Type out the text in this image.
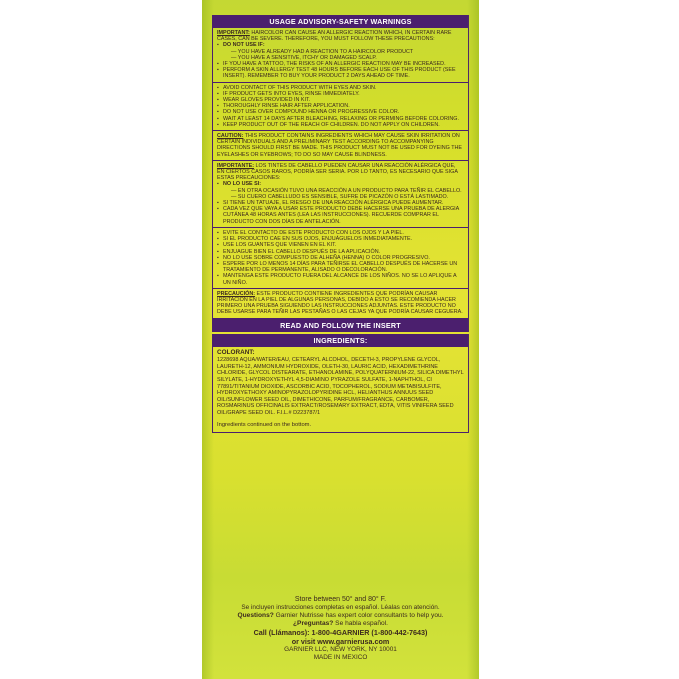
USAGE ADVISORY-SAFETY WARNINGS
IMPORTANT: HAIRCOLOR CAN CAUSE AN ALLERGIC REACTION WHICH, IN CERTAIN RARE CASES, CAN BE SEVERE. THEREFORE, YOU MUST FOLLOW THESE PRECAUTIONS:
▪ DO NOT USE IF:
— YOU HAVE ALREADY HAD A REACTION TO A HAIRCOLOR PRODUCT
— YOU HAVE A SENSITIVE, ITCHY OR DAMAGED SCALP.
▪ IF YOU HAVE A TATTOO, THE RISKS OF AN ALLERGIC REACTION MAY BE INCREASED.
▪ PERFORM A SKIN ALLERGY TEST 48 HOURS BEFORE EACH USE OF THIS PRODUCT (SEE INSERT). REMEMBER TO BUY YOUR PRODUCT 2 DAYS AHEAD OF TIME.
▪ AVOID CONTACT OF THIS PRODUCT WITH EYES AND SKIN.
▪ IF PRODUCT GETS INTO EYES, RINSE IMMEDIATELY.
▪ WEAR GLOVES PROVIDED IN KIT.
▪ THOROUGHLY RINSE HAIR AFTER APPLICATION.
▪ DO NOT USE OVER COMPOUND HENNA OR PROGRESSIVE COLOR.
▪ WAIT AT LEAST 14 DAYS AFTER BLEACHING, RELAXING OR PERMING BEFORE COLORING.
▪ KEEP PRODUCT OUT OF THE REACH OF CHILDREN. DO NOT APPLY ON CHILDREN.
CAUTION: THIS PRODUCT CONTAINS INGREDIENTS WHICH MAY CAUSE SKIN IRRITATION ON CERTAIN INDIVIDUALS AND A PRELIMINARY TEST ACCORDING TO ACCOMPANYING DIRECTIONS SHOULD FIRST BE MADE. THIS PRODUCT MUST NOT BE USED FOR DYEING THE EYELASHES OR EYEBROWS; TO DO SO MAY CAUSE BLINDNESS.
IMPORTANTE: LOS TINTES DE CABELLO PUEDEN CAUSAR UNA REACCIÓN ALÉRGICA QUE, EN CIERTOS CASOS RAROS, PODRÍA SER SERIA. POR LO TANTO, ES NECESARIO QUE SIGA ESTAS PRECAUCIONES:
▪ NO LO USE SI:
— EN OTRA OCASIÓN TUVO UNA REACCIÓN A UN PRODUCTO PARA TEÑIR EL CABELLO.
— SU CUERO CABELLUDO ES SENSIBLE, SUFRE DE PICAZÓN O ESTÁ LASTIMADO.
▪ SI TIENE UN TATUAJE, EL RIESGO DE UNA REACCIÓN ALÉRGICA PUEDE AUMENTAR.
▪ CADA VEZ QUE VAYA A USAR ESTE PRODUCTO DEBE HACERSE UNA PRUEBA DE ALERGIA CUTÁNEA 48 HORAS ANTES (LEA LAS INSTRUCCIONES). RECUERDE COMPRAR EL PRODUCTO CON DOS DÍAS DE ANTELACIÓN.
▪ EVITE EL CONTACTO DE ESTE PRODUCTO CON LOS OJOS Y LA PIEL.
▪ SI EL PRODUCTO CAE EN SUS OJOS, ENJUÁGUELOS INMEDIATAMENTE.
▪ USE LOS GUANTES QUE VIENEN EN EL KIT.
▪ ENJUAGUE BIEN EL CABELLO DESPUÉS DE LA APLICACIÓN.
▪ NO LO USE SOBRE COMPUESTO DE ALHEÑA (HENNA) O COLOR PROGRESIVO.
▪ ESPERE POR LO MENOS 14 DÍAS PARA TEÑIRSE EL CABELLO DESPUÉS DE HACERSE UN TRATAMIENTO DE PERMANENTE, ALISADO O DECOLORACIÓN.
▪ MANTENGA ESTE PRODUCTO FUERA DEL ALCANCE DE LOS NIÑOS. NO SE LO APLIQUE A UN NIÑO.
PRECAUCIÓN: ESTE PRODUCTO CONTIENE INGREDIENTES QUE PODRÍAN CAUSAR IRRITACIÓN EN LA PIEL DE ALGUNAS PERSONAS, DEBIDO A ESTO SE RECOMIENDA HACER PRIMERO UNA PRUEBA SIGUIENDO LAS INSTRUCCIONES ADJUNTAS. ESTE PRODUCTO NO DEBE USARSE PARA TEÑIR LAS PESTAÑAS O LAS CEJAS YA QUE PODRÍA CAUSAR CEGUERA.
READ AND FOLLOW THE INSERT
INGREDIENTS:
COLORANT:
1228698 AQUA/WATER/EAU, CETEARYL ALCOHOL, DECETH-3, PROPYLENE GLYCOL, LAURETH-12, AMMONIUM HYDROXIDE, OLETH-30, LAURIC ACID, HEXADIMETHRINE CHLORIDE, GLYCOL DISTEARATE, ETHANOLAMINE, POLYQUATERNIUM-22, SILICA DIMETHYL SILYLATE, 1-HYDROXYETHYL 4,5-DIAMINO PYRAZOLE SULFATE, 1-NAPHTHOL, CI 77891/TITANIUM DIOXIDE, ASCORBIC ACID, TOCOPHEROL, SODIUM METABISULFITE, HYDROXYETHOXY AMINOPYRAZOLOPYRIDINE HCL, HELIANTHUS ANNUUS SEED OIL/SUNFLOWER SEED OIL, DIMETHICONE, PARFUM/FRAGRANCE, CARBOMER, ROSMARINUS OFFICINALIS EXTRACT/ROSEMARY EXTRACT, EDTA, VITIS VINIFERA SEED OIL/GRAPE SEED OIL. F.I.L.# D223787/1
Ingredients continued on the bottom.
Store between 50° and 80° F.
Se incluyen instrucciones completas en español. Léalas con atención.
Questions? Garnier Nutrisse has expert color consultants to help you.
¿Preguntas? Se habla español.
Call (Llámanos): 1-800-4GARNIER (1-800-442-7643)
or visit www.garnierusa.com
GARNIER LLC, NEW YORK, NY 10001
MADE IN MEXICO
